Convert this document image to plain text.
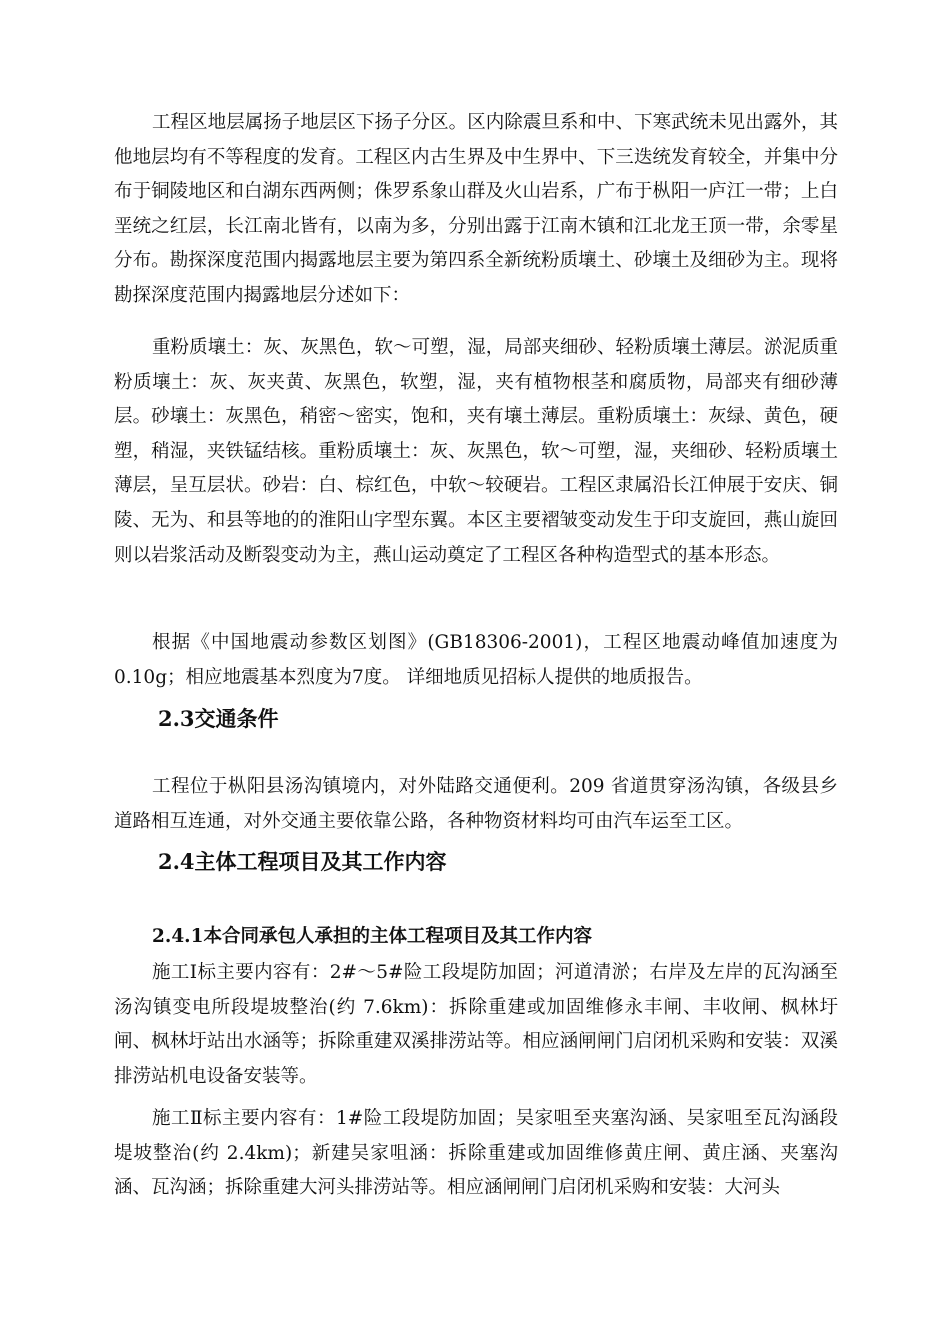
工程区地层属扬子地层区下扬子分区。区内除震旦系和中、下寒武统未见出露外，其他地层均有不等程度的发育。工程区内古生界及中生界中、下三迭统发育较全，并集中分布于铜陵地区和白湖东西两侧；侏罗系象山群及火山岩系，广布于枞阳一庐江一带；上白垩统之红层，长江南北皆有，以南为多，分别出露于江南木镇和江北龙王顶一带，余零星分布。勘探深度范围内揭露地层主要为第四系全新统粉质壤土、砂壤土及细砂为主。现将勘探深度范围内揭露地层分述如下：

重粉质壤土：灰、灰黑色，软～可塑，湿，局部夹细砂、轻粉质壤土薄层。淤泥质重粉质壤土：灰、灰夹黄、灰黑色，软塑，湿，夹有植物根茎和腐质物，局部夹有细砂薄层。砂壤土：灰黑色，稍密～密实，饱和，夹有壤土薄层。重粉质壤土：灰绿、黄色，硬塑，稍湿，夹铁锰结核。重粉质壤土：灰、灰黑色，软～可塑，湿，夹细砂、轻粉质壤土薄层，呈互层状。砂岩：白、棕红色，中软～较硬岩。工程区隶属沿长江伸展于安庆、铜陵、无为、和县等地的的淮阳山字型东翼。本区主要褶皱变动发生于印支旋回，燕山旋回则以岩浆活动及断裂变动为主，燕山运动奠定了工程区各种构造型式的基本形态。

根据《中国地震动参数区划图》(GB18306-2001)，工程区地震动峰值加速度为0.10g；相应地震基本烈度为7度。 详细地质见招标人提供的地质报告。

2.3交通条件

工程位于枞阳县汤沟镇境内，对外陆路交通便利。209 省道贯穿汤沟镇，各级县乡道路相互连通，对外交通主要依靠公路，各种物资材料均可由汽车运至工区。

2.4主体工程项目及其工作内容
2.4.1本合同承包人承担的主体工程项目及其工作内容

施工Ⅰ标主要内容有：2#～5#险工段堤防加固；河道清淤；右岸及左岸的瓦沟涵至汤沟镇变电所段堤坡整治(约 7.6km)：拆除重建或加固维修永丰闸、丰收闸、枫林圩闸、枫林圩站出水涵等；拆除重建双溪排涝站等。相应涵闸闸门启闭机采购和安装：双溪排涝站机电设备安装等。

施工Ⅱ标主要内容有：1#险工段堤防加固；吴家咀至夹塞沟涵、吴家咀至瓦沟涵段堤坡整治(约 2.4km)；新建吴家咀涵：拆除重建或加固维修黄庄闸、黄庄涵、夹塞沟涵、瓦沟涵；拆除重建大河头排涝站等。相应涵闸闸门启闭机采购和安装：大河头
